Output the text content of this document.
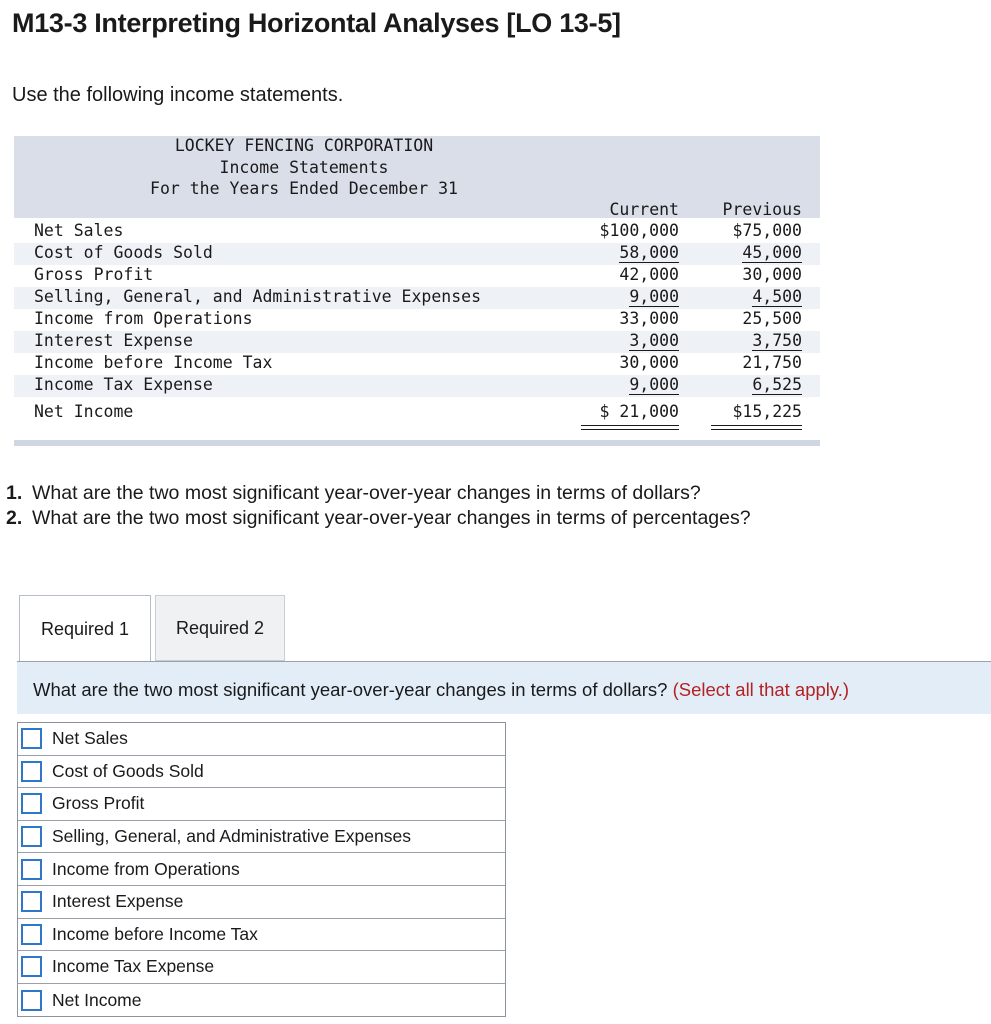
M13-3 Interpreting Horizontal Analyses [LO 13-5]
Use the following income statements.
LOCKEY FENCING CORPORATION
Income Statements
For the Years Ended December 31
Current	Previous
Net Sales	$100,000	$75,000
Cost of Goods Sold	58,000	45,000
Gross Profit	42,000	30,000
Selling, General, and Administrative Expenses	9,000	4,500
Income from Operations	33,000	25,500
Interest Expense	3,000	3,750
Income before Income Tax	30,000	21,750
Income Tax Expense	9,000	6,525
Net Income	$ 21,000	$15,225
1. What are the two most significant year-over-year changes in terms of dollars?
2. What are the two most significant year-over-year changes in terms of percentages?
Required 1	Required 2
What are the two most significant year-over-year changes in terms of dollars? (Select all that apply.)
Net Sales
Cost of Goods Sold
Gross Profit
Selling, General, and Administrative Expenses
Income from Operations
Interest Expense
Income before Income Tax
Income Tax Expense
Net Income
